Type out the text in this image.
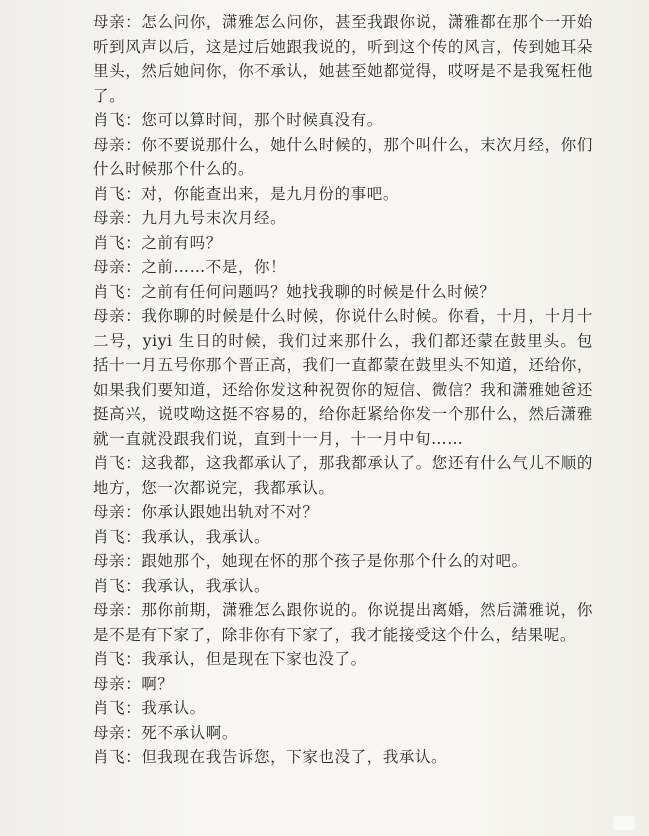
母亲：怎么问你，潇雅怎么问你，甚至我跟你说，潇雅都在那个一开始听到风声以后，这是过后她跟我说的，听到这个传的风言，传到她耳朵里头，然后她问你，你不承认，她甚至她都觉得，哎呀是不是我冤枉他了。

肖飞：您可以算时间，那个时候真没有。

母亲：你不要说那什么，她什么时候的，那个叫什么，末次月经，你们什么时候那个什么的。

肖飞：对，你能查出来，是九月份的事吧。

母亲：九月九号末次月经。

肖飞：之前有吗？

母亲：之前……不是，你！

肖飞：之前有任何问题吗？她找我聊的时候是什么时候？

母亲：我你聊的时候是什么时候，你说什么时候。你看，十月，十月十二号，yiyi 生日的时候，我们过来那什么，我们都还蒙在鼓里头。包括十一月五号你那个晋正高，我们一直都蒙在鼓里头不知道，还给你，如果我们要知道，还给你发这种祝贺你的短信、微信？我和潇雅她爸还挺高兴，说哎呦这挺不容易的，给你赶紧给你发一个那什么，然后潇雅就一直就没跟我们说，直到十一月，十一月中旬……

肖飞：这我都，这我都承认了，那我都承认了。您还有什么气儿不顺的地方，您一次都说完，我都承认。

母亲：你承认跟她出轨对不对？

肖飞：我承认，我承认。

母亲：跟她那个，她现在怀的那个孩子是你那个什么的对吧。

肖飞：我承认，我承认。

母亲：那你前期，潇雅怎么跟你说的。你说提出离婚，然后潇雅说，你是不是有下家了，除非你有下家了，我才能接受这个什么，结果呢。

肖飞：我承认，但是现在下家也没了。

母亲：啊？

肖飞：我承认。

母亲：死不承认啊。

肖飞：但我现在我告诉您，下家也没了，我承认。
